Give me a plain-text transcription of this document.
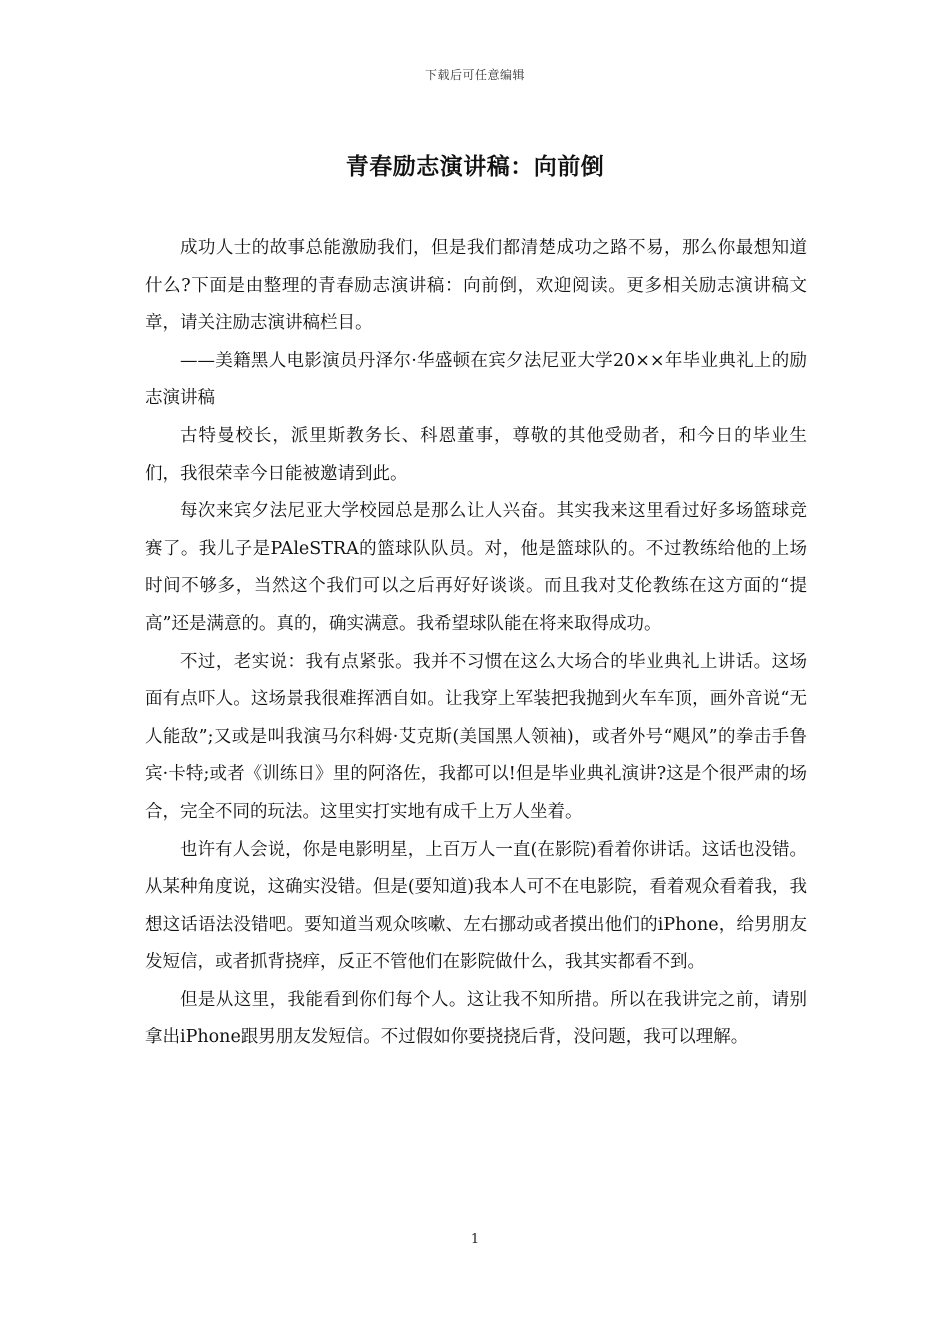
下载后可任意编辑
青春励志演讲稿：向前倒

成功人士的故事总能激励我们，但是我们都清楚成功之路不易，那么你最想知道什么?下面是由整理的青春励志演讲稿：向前倒，欢迎阅读。更多相关励志演讲稿文章，请关注励志演讲稿栏目。

——美籍黑人电影演员丹泽尔·华盛顿在宾夕法尼亚大学20××年毕业典礼上的励志演讲稿

古特曼校长，派里斯教务长、科恩董事，尊敬的其他受勋者，和今日的毕业生们，我很荣幸今日能被邀请到此。

每次来宾夕法尼亚大学校园总是那么让人兴奋。其实我来这里看过好多场篮球竞赛了。我儿子是PAleSTRA的篮球队队员。对，他是篮球队的。不过教练给他的上场时间不够多，当然这个我们可以之后再好好谈谈。而且我对艾伦教练在这方面的“提高”还是满意的。真的，确实满意。我希望球队能在将来取得成功。

不过，老实说：我有点紧张。我并不习惯在这么大场合的毕业典礼上讲话。这场面有点吓人。这场景我很难挥洒自如。让我穿上军装把我抛到火车车顶，画外音说“无人能敌”;又或是叫我演马尔科姆·艾克斯(美国黑人领袖)，或者外号“飓风”的拳击手鲁宾·卡特;或者《训练日》里的阿洛佐，我都可以!但是毕业典礼演讲?这是个很严肃的场合，完全不同的玩法。这里实打实地有成千上万人坐着。

也许有人会说，你是电影明星，上百万人一直(在影院)看着你讲话。这话也没错。从某种角度说，这确实没错。但是(要知道)我本人可不在电影院，看着观众看着我，我想这话语法没错吧。要知道当观众咳嗽、左右挪动或者摸出他们的iPhone，给男朋友发短信，或者抓背挠痒，反正不管他们在影院做什么，我其实都看不到。

但是从这里，我能看到你们每个人。这让我不知所措。所以在我讲完之前，请别拿出iPhone跟男朋友发短信。不过假如你要挠挠后背，没问题，我可以理解。

1
